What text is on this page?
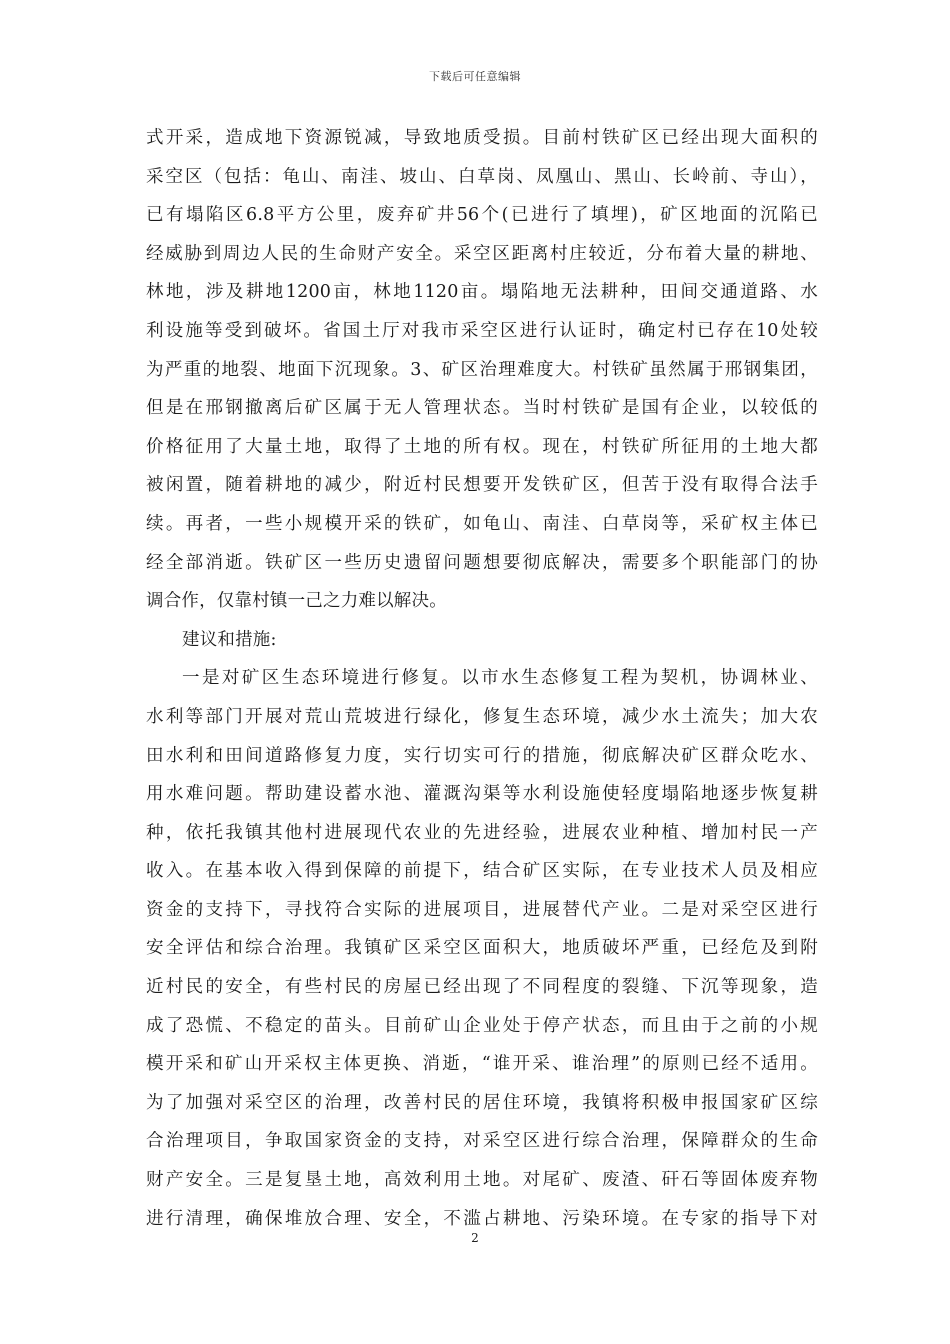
下载后可任意编辑
式开采，造成地下资源锐减，导致地质受损。目前村铁矿区已经出现大面积的
采空区（包括：龟山、南洼、坡山、白草岗、凤凰山、黑山、长岭前、寺山），
已有塌陷区6.8平方公里，废弃矿井56个(已进行了填埋)，矿区地面的沉陷已
经威胁到周边人民的生命财产安全。采空区距离村庄较近，分布着大量的耕地、
林地，涉及耕地1200亩，林地1120亩。塌陷地无法耕种，田间交通道路、水
利设施等受到破坏。省国土厅对我市采空区进行认证时，确定村已存在10处较
为严重的地裂、地面下沉现象。3、矿区治理难度大。村铁矿虽然属于邢钢集团，
但是在邢钢撤离后矿区属于无人管理状态。当时村铁矿是国有企业，以较低的
价格征用了大量土地，取得了土地的所有权。现在，村铁矿所征用的土地大都
被闲置，随着耕地的减少，附近村民想要开发铁矿区，但苦于没有取得合法手
续。再者，一些小规模开采的铁矿，如龟山、南洼、白草岗等，采矿权主体已
经全部消逝。铁矿区一些历史遗留问题想要彻底解决，需要多个职能部门的协
调合作，仅靠村镇一己之力难以解决。
建议和措施:
一是对矿区生态环境进行修复。以市水生态修复工程为契机，协调林业、
水利等部门开展对荒山荒坡进行绿化，修复生态环境，减少水土流失；加大农
田水利和田间道路修复力度，实行切实可行的措施，彻底解决矿区群众吃水、
用水难问题。帮助建设蓄水池、灌溉沟渠等水利设施使轻度塌陷地逐步恢复耕
种，依托我镇其他村进展现代农业的先进经验，进展农业种植、增加村民一产
收入。在基本收入得到保障的前提下，结合矿区实际，在专业技术人员及相应
资金的支持下，寻找符合实际的进展项目，进展替代产业。二是对采空区进行
安全评估和综合治理。我镇矿区采空区面积大，地质破坏严重，已经危及到附
近村民的安全，有些村民的房屋已经出现了不同程度的裂缝、下沉等现象，造
成了恐慌、不稳定的苗头。目前矿山企业处于停产状态，而且由于之前的小规
模开采和矿山开采权主体更换、消逝，“谁开采、谁治理”的原则已经不适用。
为了加强对采空区的治理，改善村民的居住环境，我镇将积极申报国家矿区综
合治理项目，争取国家资金的支持，对采空区进行综合治理，保障群众的生命
财产安全。三是复垦土地，高效利用土地。对尾矿、废渣、矸石等固体废弃物
进行清理，确保堆放合理、安全，不滥占耕地、污染环境。在专家的指导下对
2
